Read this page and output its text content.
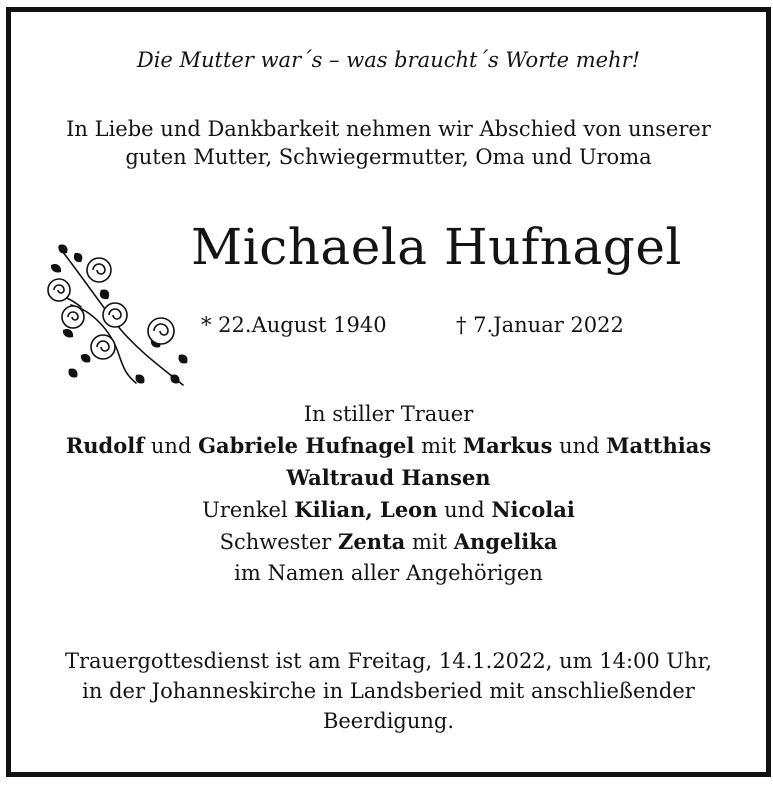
Die Mutter war´s – was braucht´s Worte mehr!
In Liebe und Dankbarkeit nehmen wir Abschied von unserer
guten Mutter, Schwiegermutter, Oma und Uroma
Michaela Hufnagel
* 22.August 1940	† 7.Januar 2022
In stiller Trauer
Rudolf und Gabriele Hufnagel mit Markus und Matthias
Waltraud Hansen
Urenkel Kilian, Leon und Nicolai
Schwester Zenta mit Angelika
im Namen aller Angehörigen
Trauergottesdienst ist am Freitag, 14.1.2022, um 14:00 Uhr,
in der Johanneskirche in Landsberied mit anschließender
Beerdigung.
